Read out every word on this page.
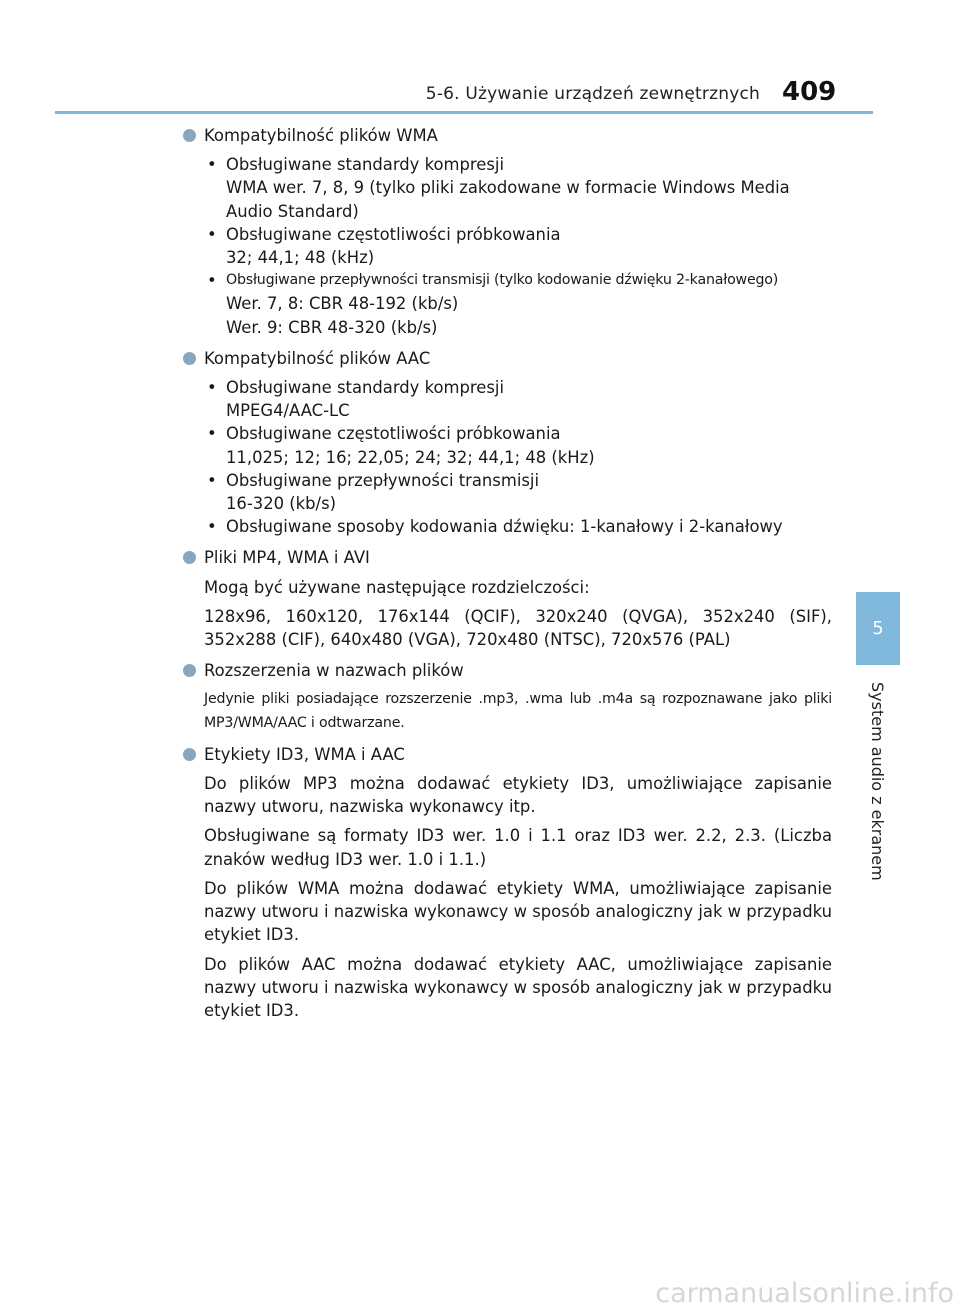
5-6. Używanie urządzeń zewnętrznych 409
5
System audio z ekranem
Kompatybilność plików WMA
• Obsługiwane standardy kompresji
WMA wer. 7, 8, 9 (tylko pliki zakodowane w formacie Windows Media Audio Standard)
• Obsługiwane częstotliwości próbkowania
32; 44,1; 48 (kHz)
• Obsługiwane przepływności transmisji (tylko kodowanie dźwięku 2-kanałowego)
Wer. 7, 8: CBR 48-192 (kb/s)
Wer. 9: CBR 48-320 (kb/s)
Kompatybilność plików AAC
• Obsługiwane standardy kompresji
MPEG4/AAC-LC
• Obsługiwane częstotliwości próbkowania
11,025; 12; 16; 22,05; 24; 32; 44,1; 48 (kHz)
• Obsługiwane przepływności transmisji
16-320 (kb/s)
• Obsługiwane sposoby kodowania dźwięku: 1-kanałowy i 2-kanałowy
Pliki MP4, WMA i AVI

Mogą być używane następujące rozdzielczości:

128x96, 160x120, 176x144 (QCIF), 320x240 (QVGA), 352x240 (SIF), 352x288 (CIF), 640x480 (VGA), 720x480 (NTSC), 720x576 (PAL)

Rozszerzenia w nazwach plików

Jedynie pliki posiadające rozszerzenie .mp3, .wma lub .m4a są rozpoznawane jako pliki MP3/WMA/AAC i odtwarzane.

Etykiety ID3, WMA i AAC

Do plików MP3 można dodawać etykiety ID3, umożliwiające zapisanie nazwy utworu, nazwiska wykonawcy itp.

Obsługiwane są formaty ID3 wer. 1.0 i 1.1 oraz ID3 wer. 2.2, 2.3. (Liczba znaków według ID3 wer. 1.0 i 1.1.)

Do plików WMA można dodawać etykiety WMA, umożliwiające zapisanie nazwy utworu i nazwiska wykonawcy w sposób analogiczny jak w przypadku etykiet ID3.

Do plików AAC można dodawać etykiety AAC, umożliwiające zapisanie nazwy utworu i nazwiska wykonawcy w sposób analogiczny jak w przypadku etykiet ID3.

carmanualsonline.info
